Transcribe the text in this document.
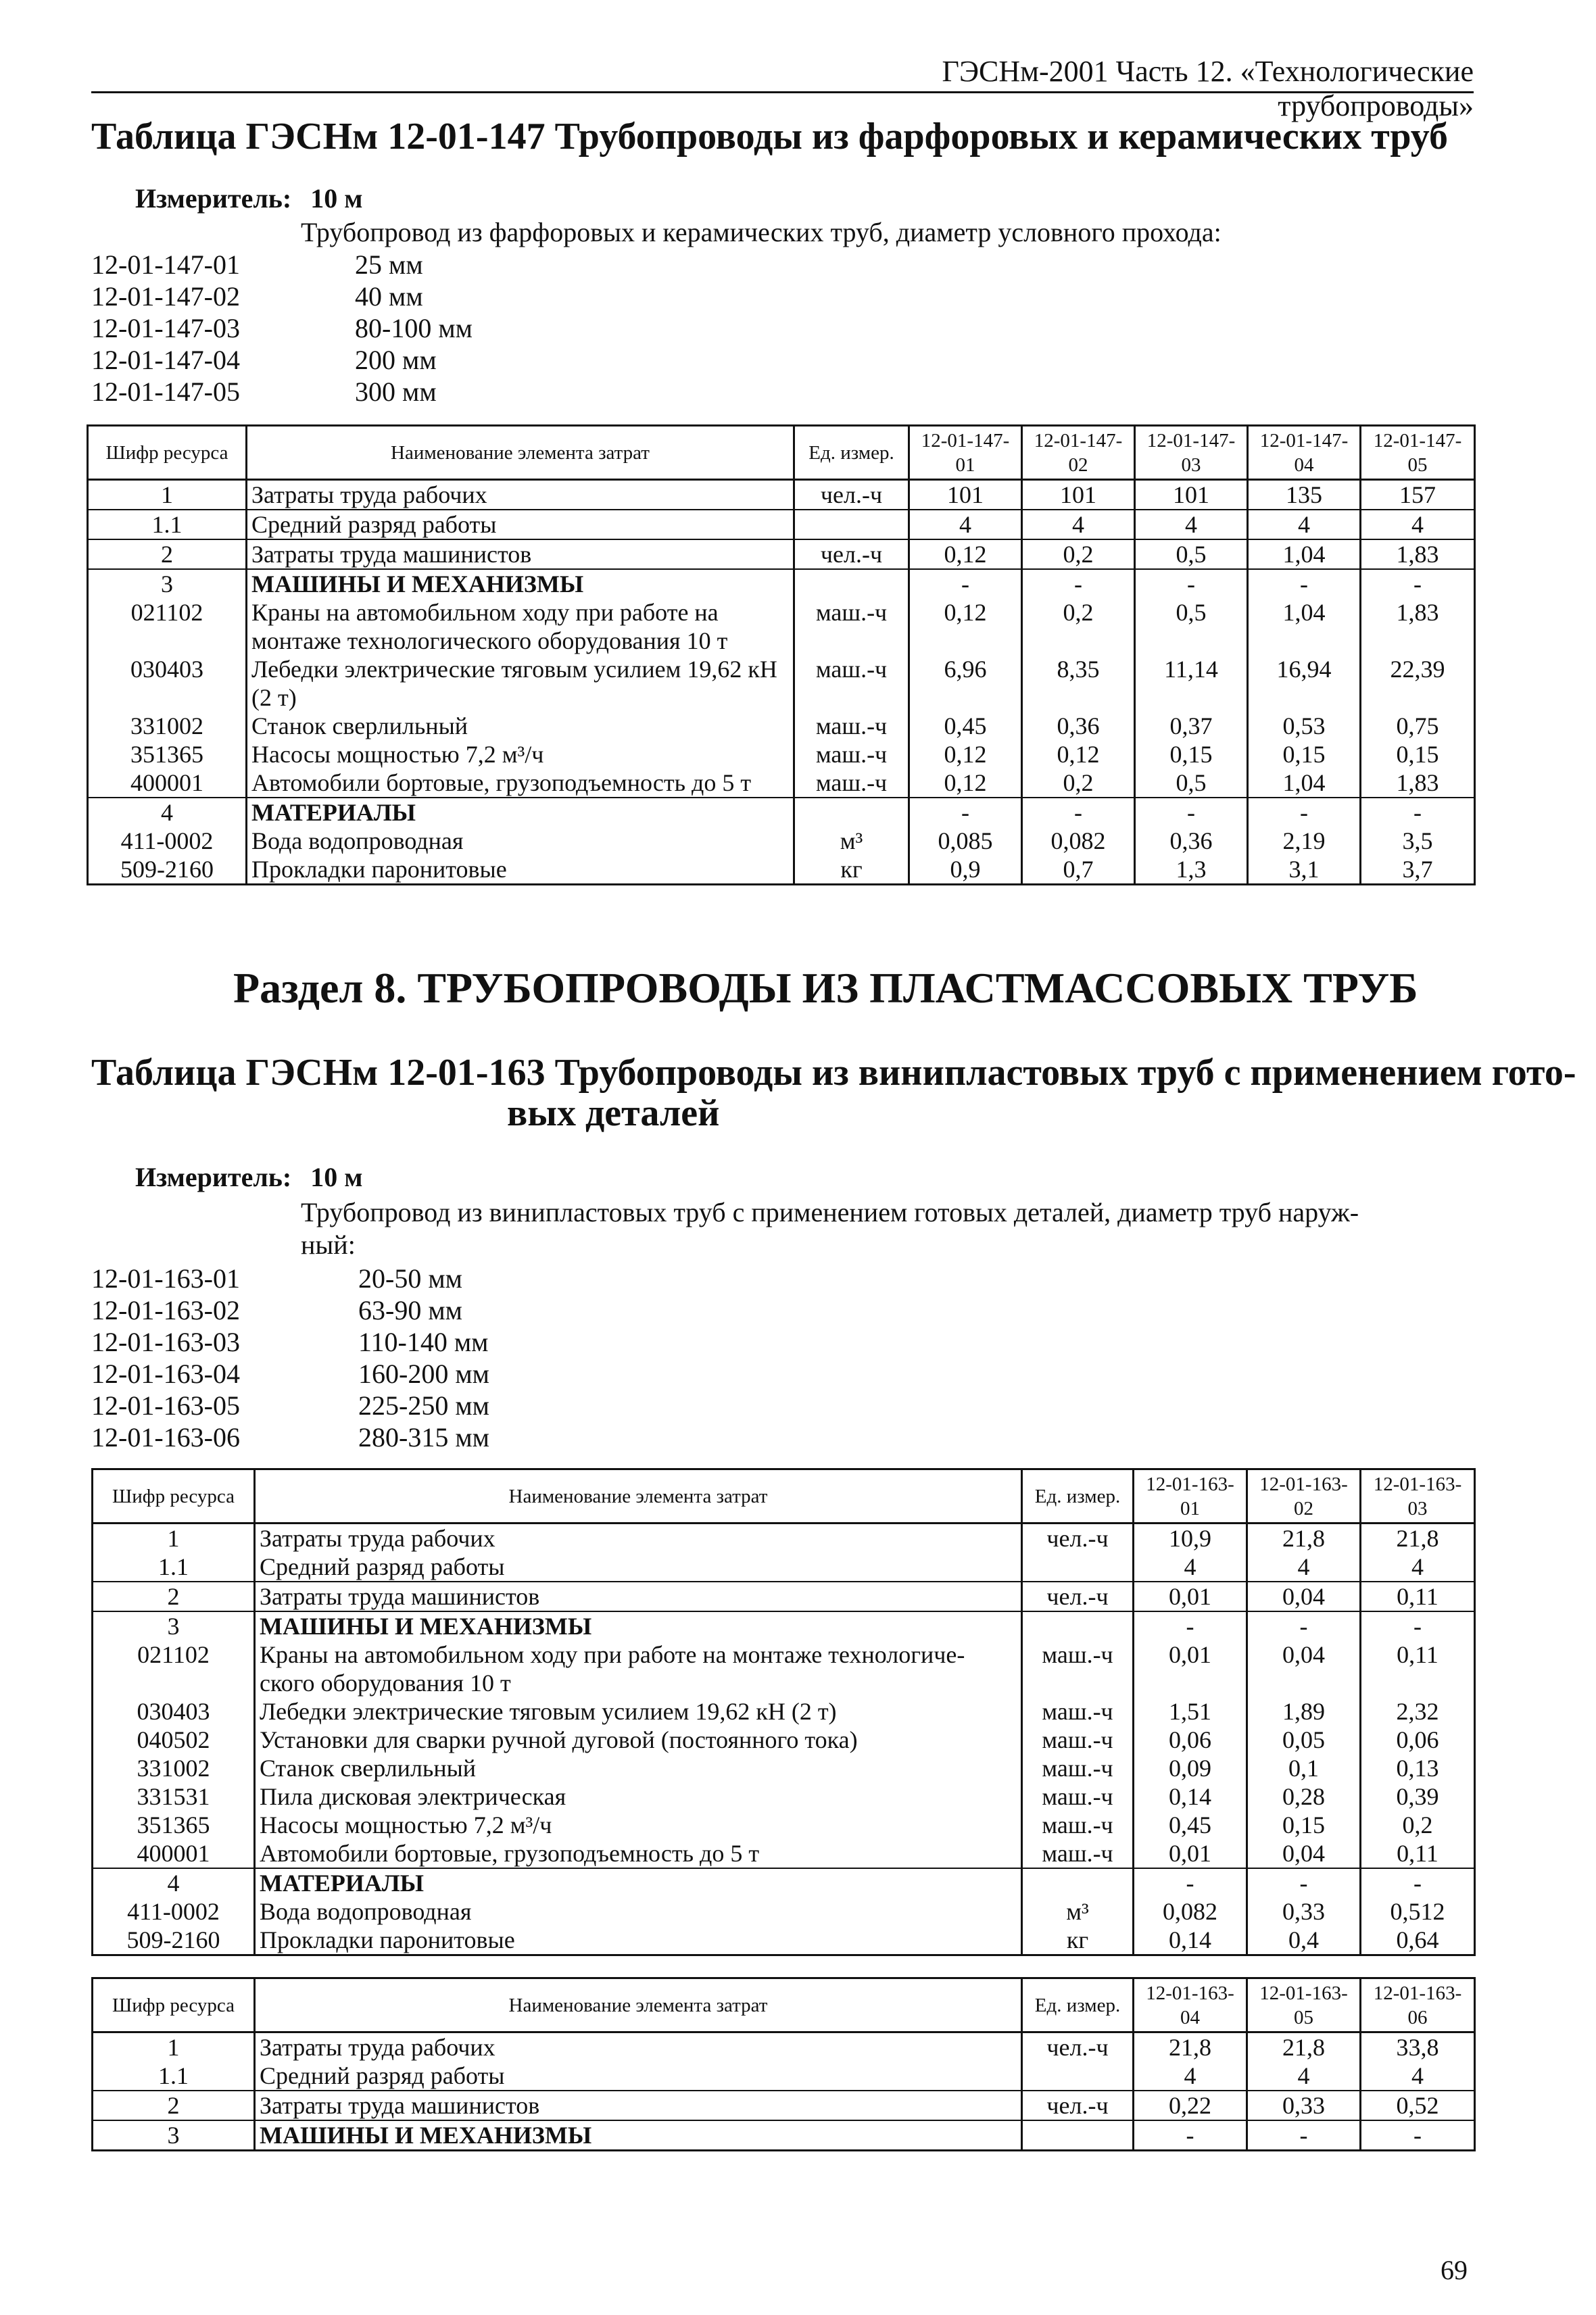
ГЭСНм-2001 Часть 12. «Технологические трубопроводы»
Таблица ГЭСНм 12-01-147 Трубопроводы из фарфоровых и керамических труб
Измеритель: 10 м
Трубопровод из фарфоровых и керамических труб, диаметр условного прохода:
12-01-147-01	25 мм
12-01-147-02	40 мм
12-01-147-03	80-100 мм
12-01-147-04	200 мм
12-01-147-05	300 мм
Шифр ресурса	Наименование элемента затрат	Ед. измер.	12-01-147-01	12-01-147-02	12-01-147-03	12-01-147-04	12-01-147-05
1	Затраты труда рабочих	чел.-ч	101	101	101	135	157
1.1	Средний разряд работы		4	4	4	4	4
2	Затраты труда машинистов	чел.-ч	0,12	0,2	0,5	1,04	1,83
3	МАШИНЫ И МЕХАНИЗМЫ		-	-	-	-	-
021102	Краны на автомобильном ходу при работе на монтаже технологического оборудования 10 т	маш.-ч	0,12	0,2	0,5	1,04	1,83
030403	Лебедки электрические тяговым усилием 19,62 кН (2 т)	маш.-ч	6,96	8,35	11,14	16,94	22,39
331002	Станок сверлильный	маш.-ч	0,45	0,36	0,37	0,53	0,75
351365	Насосы мощностью 7,2 м³/ч	маш.-ч	0,12	0,12	0,15	0,15	0,15
400001	Автомобили бортовые, грузоподъемность до 5 т	маш.-ч	0,12	0,2	0,5	1,04	1,83
4	МАТЕРИАЛЫ		-	-	-	-	-
411-0002	Вода водопроводная	м³	0,085	0,082	0,36	2,19	3,5
509-2160	Прокладки паронитовые	кг	0,9	0,7	1,3	3,1	3,7
Раздел 8. ТРУБОПРОВОДЫ ИЗ ПЛАСТМАССОВЫХ ТРУБ
Таблица ГЭСНм 12-01-163 Трубопроводы из винипластовых труб с применением гото-
вых деталей
Измеритель: 10 м
Трубопровод из винипластовых труб с применением готовых деталей, диаметр труб наруж-
ный:
12-01-163-01	20-50 мм
12-01-163-02	63-90 мм
12-01-163-03	110-140 мм
12-01-163-04	160-200 мм
12-01-163-05	225-250 мм
12-01-163-06	280-315 мм
Шифр ресурса	Наименование элемента затрат	Ед. измер.	12-01-163-01	12-01-163-02	12-01-163-03
1	Затраты труда рабочих	чел.-ч	10,9	21,8	21,8
1.1	Средний разряд работы		4	4	4
2	Затраты труда машинистов	чел.-ч	0,01	0,04	0,11
3	МАШИНЫ И МЕХАНИЗМЫ		-	-	-
021102	Краны на автомобильном ходу при работе на монтаже технологиче-ского оборудования 10 т	маш.-ч	0,01	0,04	0,11
030403	Лебедки электрические тяговым усилием 19,62 кН (2 т)	маш.-ч	1,51	1,89	2,32
040502	Установки для сварки ручной дуговой (постоянного тока)	маш.-ч	0,06	0,05	0,06
331002	Станок сверлильный	маш.-ч	0,09	0,1	0,13
331531	Пила дисковая электрическая	маш.-ч	0,14	0,28	0,39
351365	Насосы мощностью 7,2 м³/ч	маш.-ч	0,45	0,15	0,2
400001	Автомобили бортовые, грузоподъемность до 5 т	маш.-ч	0,01	0,04	0,11
4	МАТЕРИАЛЫ		-	-	-
411-0002	Вода водопроводная	м³	0,082	0,33	0,512
509-2160	Прокладки паронитовые	кг	0,14	0,4	0,64
Шифр ресурса	Наименование элемента затрат	Ед. измер.	12-01-163-04	12-01-163-05	12-01-163-06
1	Затраты труда рабочих	чел.-ч	21,8	21,8	33,8
1.1	Средний разряд работы		4	4	4
2	Затраты труда машинистов	чел.-ч	0,22	0,33	0,52
3	МАШИНЫ И МЕХАНИЗМЫ		-	-	-
69
